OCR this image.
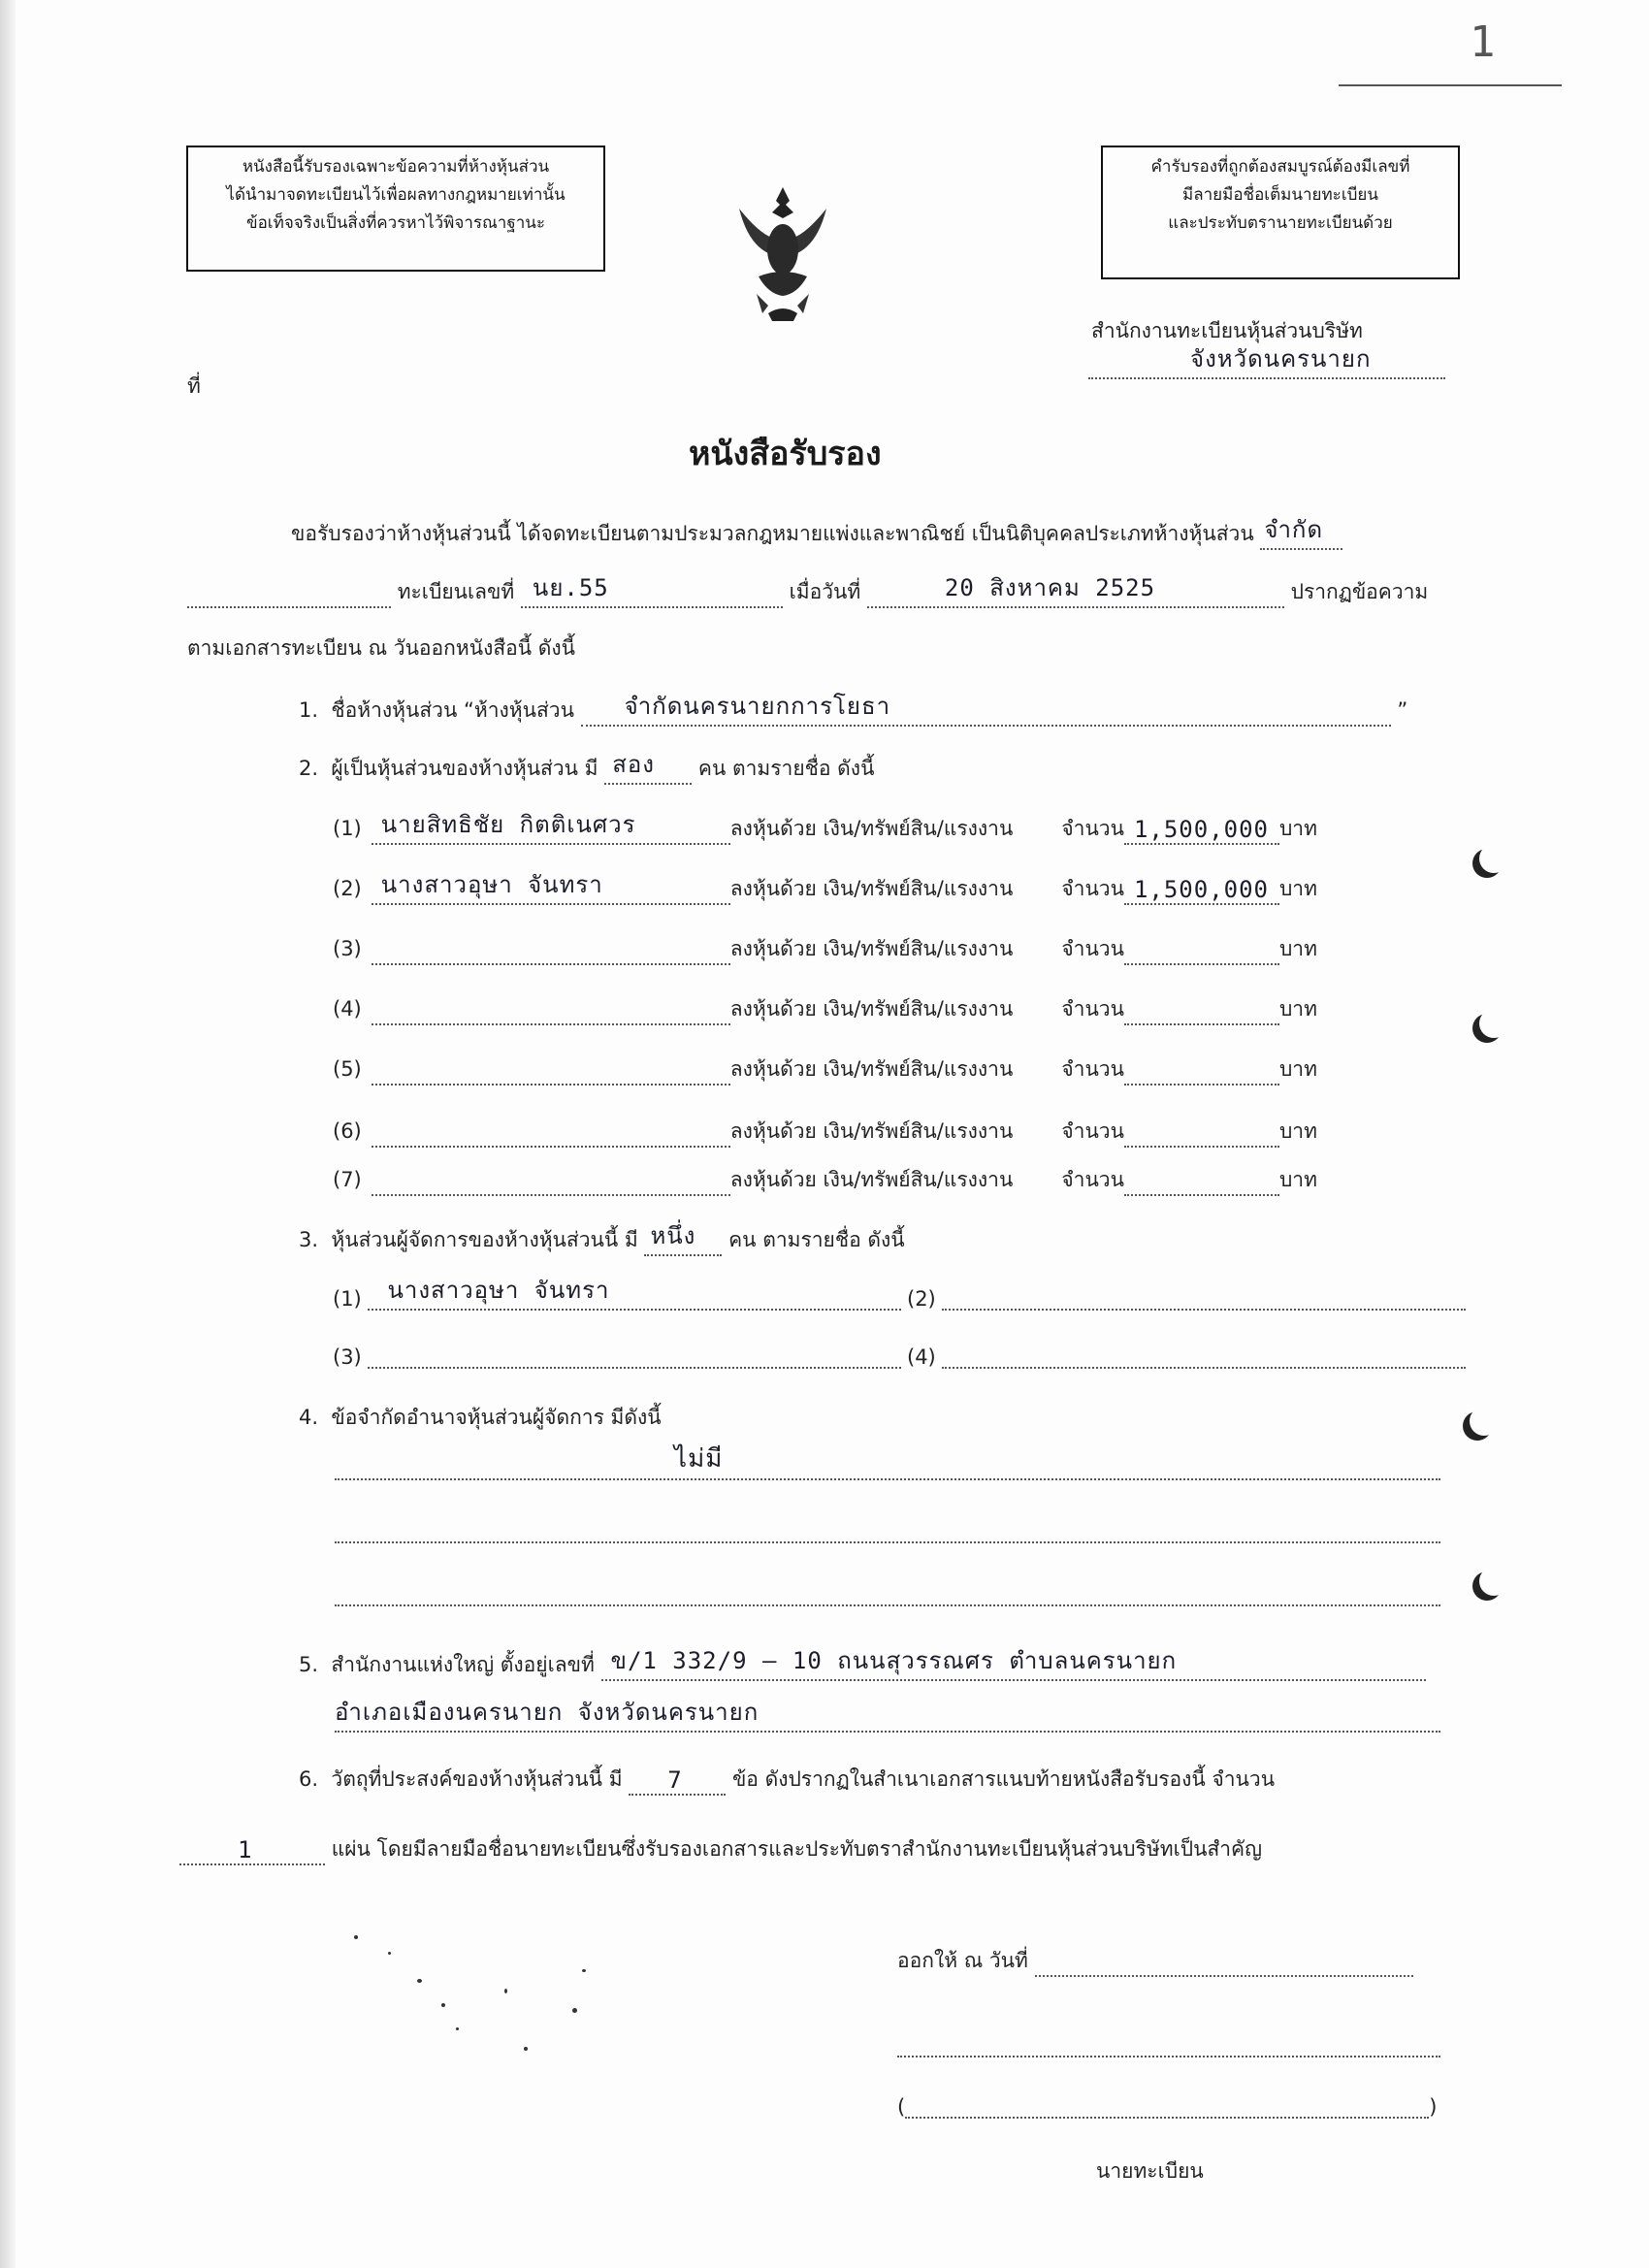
1
หนังสือนี้รับรองเฉพาะข้อความที่ห้างหุ้นส่วน
ได้นำมาจดทะเบียนไว้เพื่อผลทางกฎหมายเท่านั้น
ข้อเท็จจริงเป็นสิ่งที่ควรหาไว้พิจารณาฐานะ
คำรับรองที่ถูกต้องสมบูรณ์ต้องมีเลขที่
มีลายมือชื่อเต็มนายทะเบียน
และประทับตรานายทะเบียนด้วย
สำนักงานทะเบียนหุ้นส่วนบริษัท
จังหวัดนครนายก
ที่
หนังสือรับรอง
ขอรับรองว่าห้างหุ้นส่วนนี้ ได้จดทะเบียนตามประมวลกฎหมายแพ่งและพาณิชย์ เป็นนิติบุคคลประเภทห้างหุ้นส่วน จำกัด
ทะเบียนเลขที่ นย.55	เมื่อวันที่	20 สิงหาคม 2525	ปรากฏข้อความ
ตามเอกสารทะเบียน ณ วันออกหนังสือนี้ ดังนี้
1. ชื่อห้างหุ้นส่วน “ห้างหุ้นส่วน จำกัดนครนายกการโยธา	”
2. ผู้เป็นหุ้นส่วนของห้างหุ้นส่วน มี สอง คน ตามรายชื่อ ดังนี้
(1) นายสิทธิชัย กิตติเนศวร	ลงหุ้นด้วย เงิน/ทรัพย์สิน/แรงงาน จำนวน 1,500,000 บาท
(2) นางสาวอุษา จันทรา	ลงหุ้นด้วย เงิน/ทรัพย์สิน/แรงงาน จำนวน 1,500,000 บาท
(3)	ลงหุ้นด้วย เงิน/ทรัพย์สิน/แรงงาน จำนวน	บาท
(4)	ลงหุ้นด้วย เงิน/ทรัพย์สิน/แรงงาน จำนวน	บาท
(5)	ลงหุ้นด้วย เงิน/ทรัพย์สิน/แรงงาน จำนวน	บาท
(6)	ลงหุ้นด้วย เงิน/ทรัพย์สิน/แรงงาน จำนวน	บาท
(7)	ลงหุ้นด้วย เงิน/ทรัพย์สิน/แรงงาน จำนวน	บาท
3. หุ้นส่วนผู้จัดการของห้างหุ้นส่วนนี้ มี หนึ่ง คน ตามรายชื่อ ดังนี้
(1) นางสาวอุษา จันทรา	(2)
(3)	(4)
4. ข้อจำกัดอำนาจหุ้นส่วนผู้จัดการ มีดังนี้
ไม่มี
5. สำนักงานแห่งใหญ่ ตั้งอยู่เลขที่ ข/1 332/9 – 10 ถนนสุวรรณศร ตำบลนครนายก
อำเภอเมืองนครนายก จังหวัดนครนายก
6. วัตถุที่ประสงค์ของห้างหุ้นส่วนนี้ มี 7 ข้อ ดังปรากฏในสำเนาเอกสารแนบท้ายหนังสือรับรองนี้ จำนวน
1	แผ่น โดยมีลายมือชื่อนายทะเบียนซึ่งรับรองเอกสารและประทับตราสำนักงานทะเบียนหุ้นส่วนบริษัทเป็นสำคัญ
ออกให้ ณ วันที่
(	)
นายทะเบียน
